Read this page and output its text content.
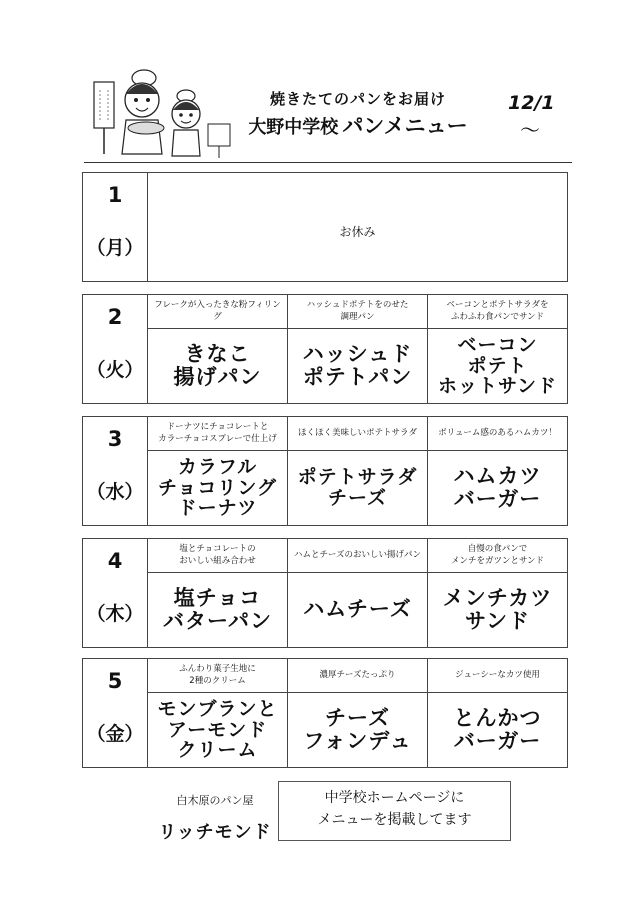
焼きたてのパンをお届け
大野中学校 パンメニュー
12/1
〜
1
（月）
お休み
2
（火）
フレークが入ったきな粉フィリング
きなこ
揚げパン
ハッシュドポテトをのせた
調理パン
ハッシュド
ポテトパン
ベーコンとポテトサラダを
ふわふわ食パンでサンド
ベーコン
ポテト
ホットサンド
3
（水）
ドーナツにチョコレートと
カラーチョコスプレーで仕上げ
カラフル
チョコリング
ドーナツ
ほくほく美味しいポテトサラダ
ポテトサラダ
チーズ
ボリューム感のあるハムカツ！
ハムカツ
バーガー
4
（木）
塩とチョコレートの
おいしい組み合わせ
塩チョコ
バターパン
ハムとチーズのおいしい揚げパン
ハムチーズ
自慢の食パンで
メンチをガツンとサンド
メンチカツ
サンド
5
（金）
ふんわり菓子生地に
2種のクリーム
モンブランと
アーモンド
クリーム
濃厚チーズたっぷり
チーズ
フォンデュ
ジューシーなカツ使用
とんかつ
バーガー
白木原のパン屋
リッチモンド
中学校ホームページに
メニューを掲載してます
